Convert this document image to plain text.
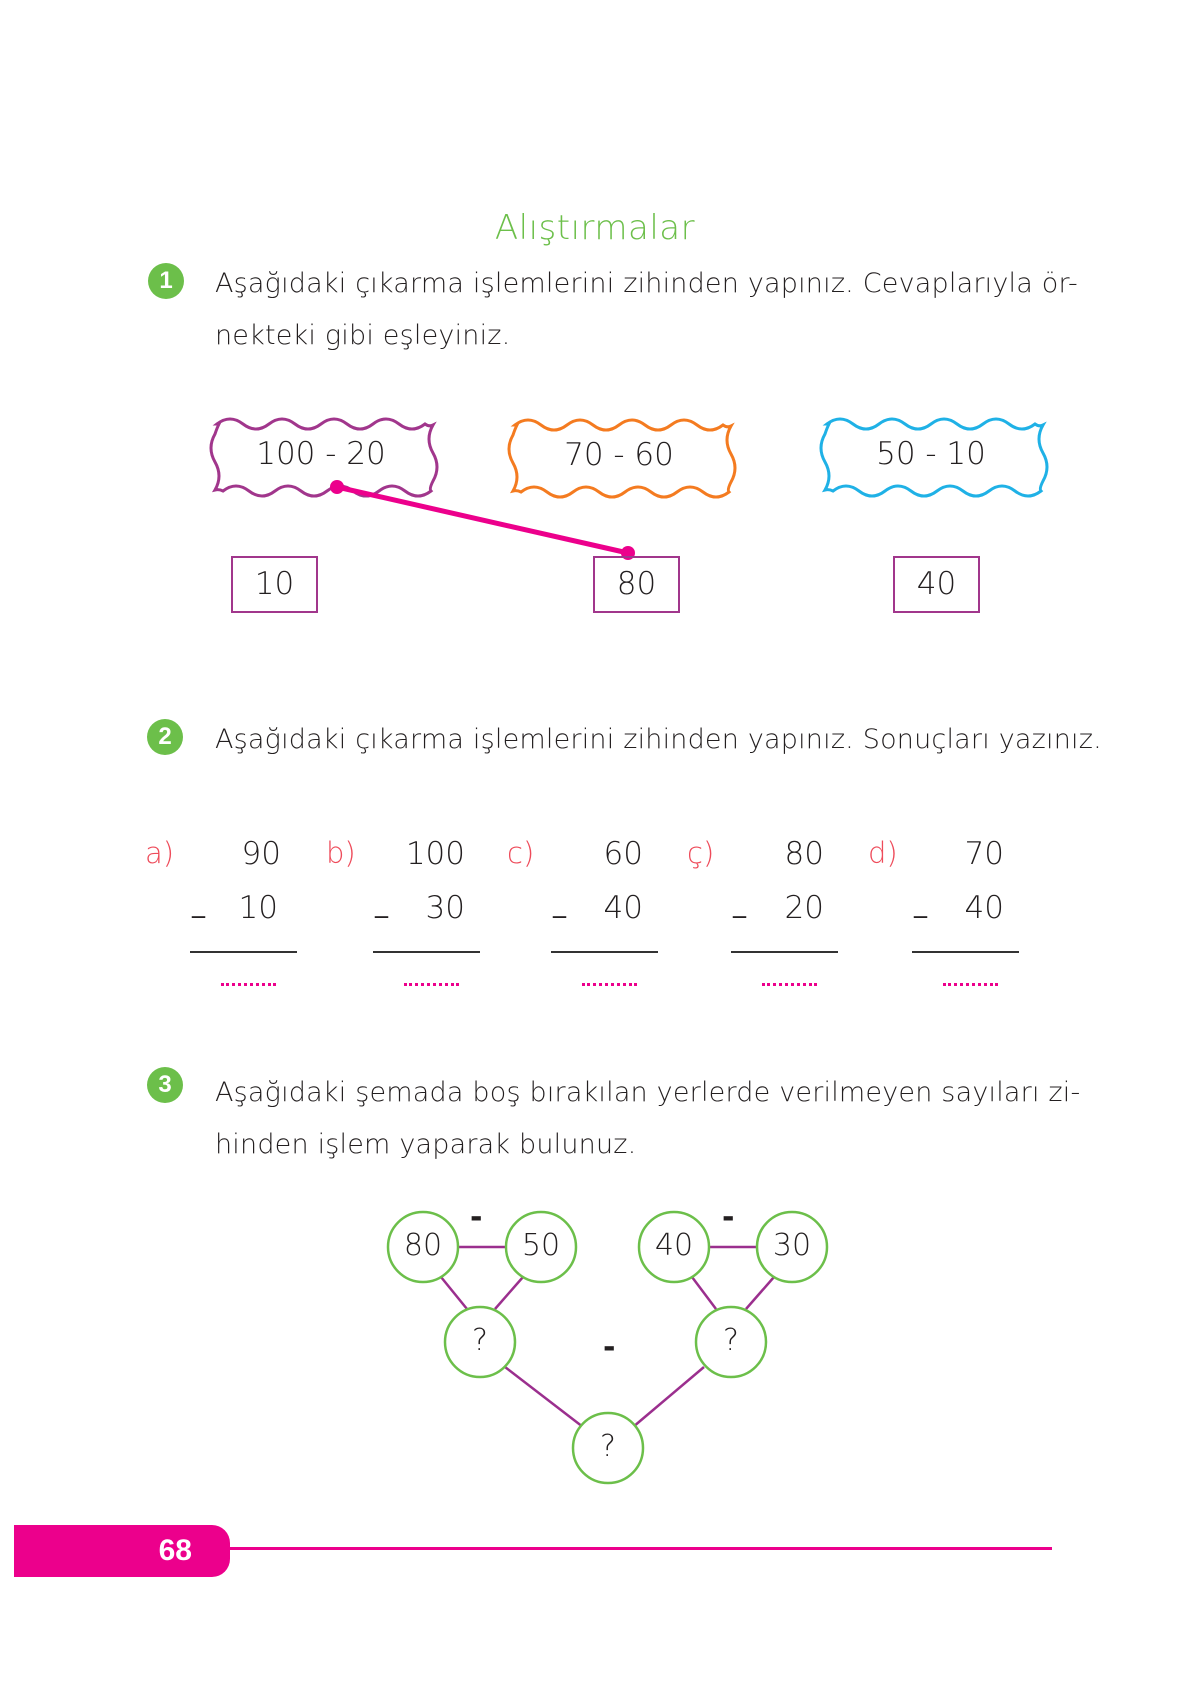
Alıştırmalar
1	Aşağıdaki çıkarma işlemlerini zihinden yapınız. Cevaplarıyla ör-
nekteki gibi eşleyiniz.
100 - 20	70 - 60	50 - 10
10	80	40
2	Aşağıdaki çıkarma işlemlerini zihinden yapınız. Sonuçları yazınız.
a)	90
_	10
b)	100
_	30
c)	60
_	40
ç)	80
_	20
d)	70
_	40
3	Aşağıdaki şemada boş bırakılan yerlerde verilmeyen sayıları zi-
hinden işlem yaparak bulunuz.
80	50	40	30
-	-
-
?	?
?
68
